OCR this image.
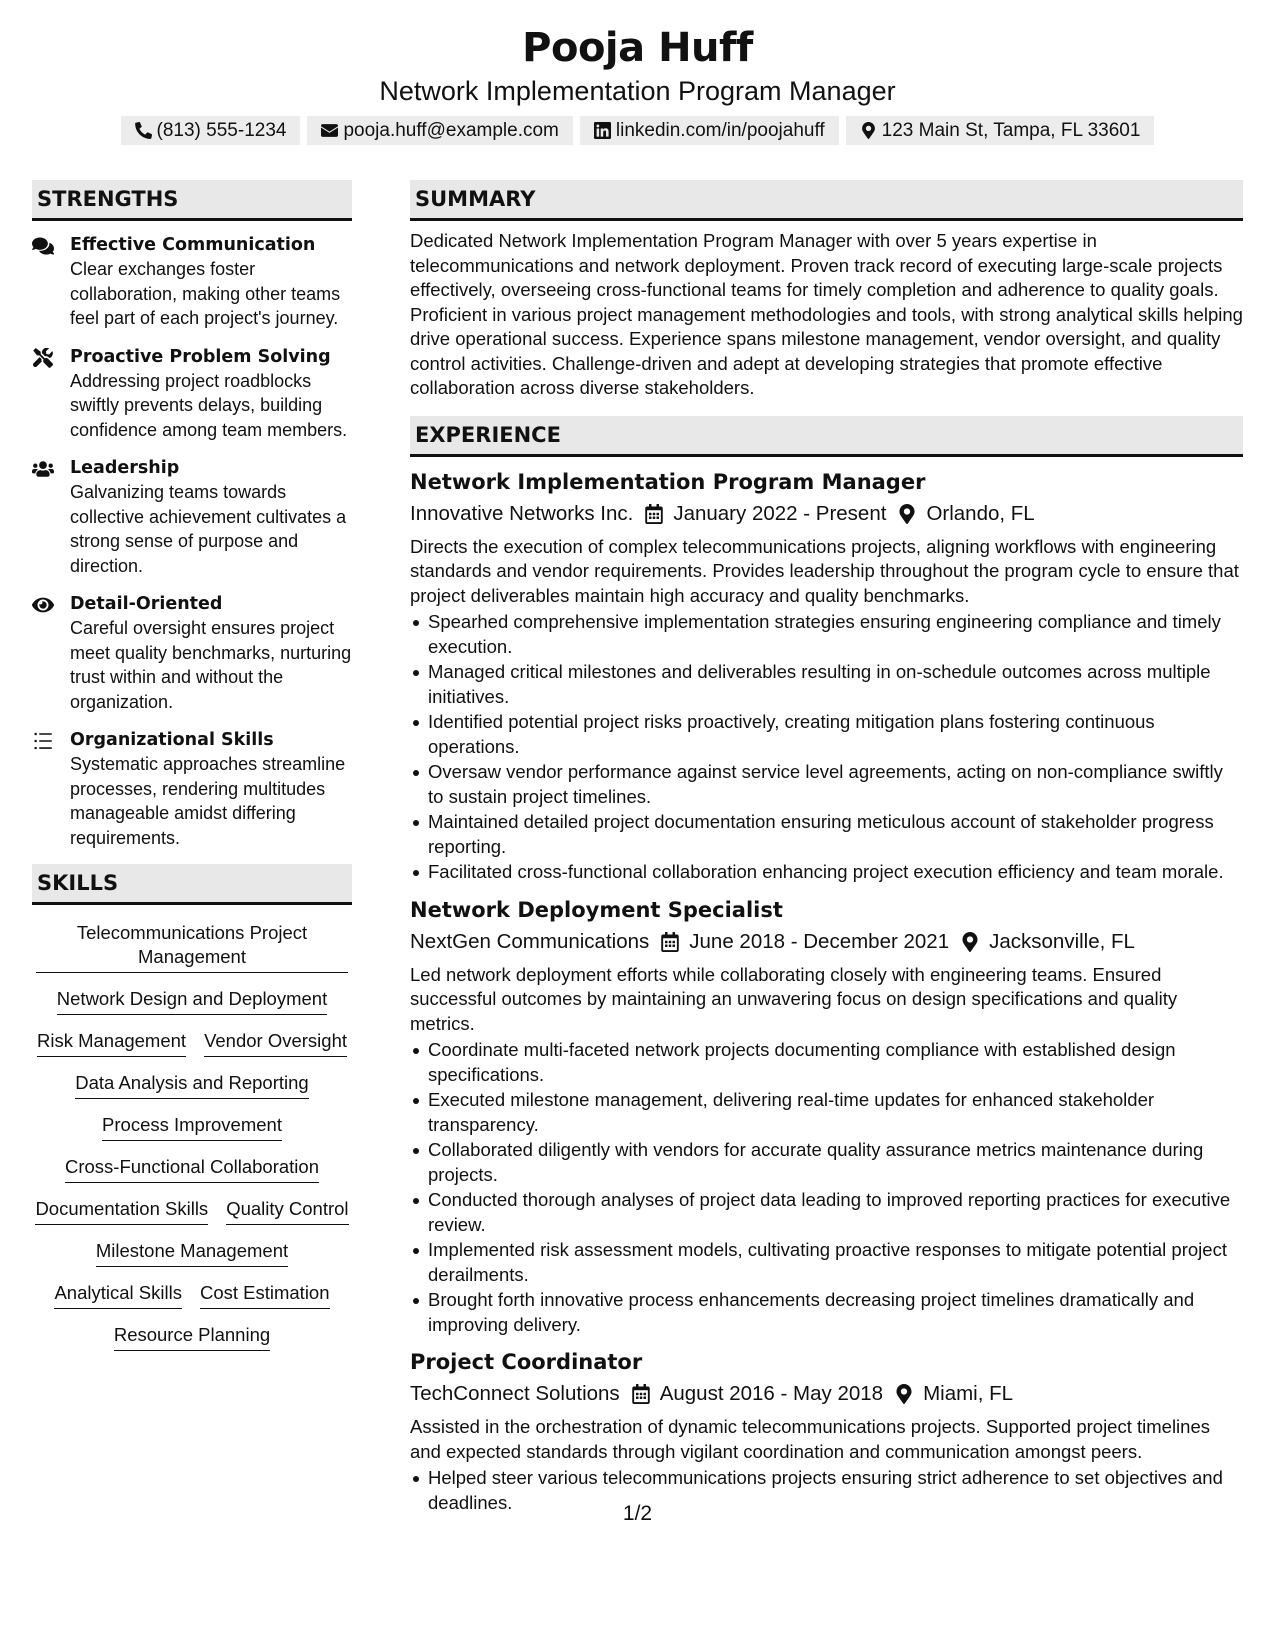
Pooja Huff
Network Implementation Program Manager
(813) 555-1234	pooja.huff@example.com	linkedin.com/in/poojahuff	123 Main St, Tampa, FL 33601
STRENGTHS
Effective Communication
Clear exchanges foster collaboration, making other teams feel part of each project's journey.
Proactive Problem Solving
Addressing project roadblocks swiftly prevents delays, building confidence among team members.
Leadership
Galvanizing teams towards collective achievement cultivates a strong sense of purpose and direction.
Detail-Oriented
Careful oversight ensures project meet quality benchmarks, nurturing trust within and without the organization.
Organizational Skills
Systematic approaches streamline processes, rendering multitudes manageable amidst differing requirements.
SKILLS
Telecommunications Project Management
Network Design and Deployment
Risk Management Vendor Oversight
Data Analysis and Reporting
Process Improvement
Cross-Functional Collaboration
Documentation Skills Quality Control
Milestone Management
Analytical Skills Cost Estimation
Resource Planning
SUMMARY
Dedicated Network Implementation Program Manager with over 5 years expertise in telecommunications and network deployment. Proven track record of executing large-scale projects effectively, overseeing cross-functional teams for timely completion and adherence to quality goals. Proficient in various project management methodologies and tools, with strong analytical skills helping drive operational success. Experience spans milestone management, vendor oversight, and quality control activities. Challenge-driven and adept at developing strategies that promote effective collaboration across diverse stakeholders.
EXPERIENCE
Network Implementation Program Manager
Innovative Networks Inc. January 2022 - Present Orlando, FL
Directs the execution of complex telecommunications projects, aligning workflows with engineering standards and vendor requirements. Provides leadership throughout the program cycle to ensure that project deliverables maintain high accuracy and quality benchmarks.
Spearhed comprehensive implementation strategies ensuring engineering compliance and timely execution.
Managed critical milestones and deliverables resulting in on-schedule outcomes across multiple initiatives.
Identified potential project risks proactively, creating mitigation plans fostering continuous operations.
Oversaw vendor performance against service level agreements, acting on non-compliance swiftly to sustain project timelines.
Maintained detailed project documentation ensuring meticulous account of stakeholder progress reporting.
Facilitated cross-functional collaboration enhancing project execution efficiency and team morale.
Network Deployment Specialist
NextGen Communications June 2018 - December 2021 Jacksonville, FL
Led network deployment efforts while collaborating closely with engineering teams. Ensured successful outcomes by maintaining an unwavering focus on design specifications and quality metrics.
Coordinate multi-faceted network projects documenting compliance with established design specifications.
Executed milestone management, delivering real-time updates for enhanced stakeholder transparency.
Collaborated diligently with vendors for accurate quality assurance metrics maintenance during projects.
Conducted thorough analyses of project data leading to improved reporting practices for executive review.
Implemented risk assessment models, cultivating proactive responses to mitigate potential project derailments.
Brought forth innovative process enhancements decreasing project timelines dramatically and improving delivery.
Project Coordinator
TechConnect Solutions August 2016 - May 2018 Miami, FL
Assisted in the orchestration of dynamic telecommunications projects. Supported project timelines and expected standards through vigilant coordination and communication amongst peers.
Helped steer various telecommunications projects ensuring strict adherence to set objectives and deadlines.	1/2
